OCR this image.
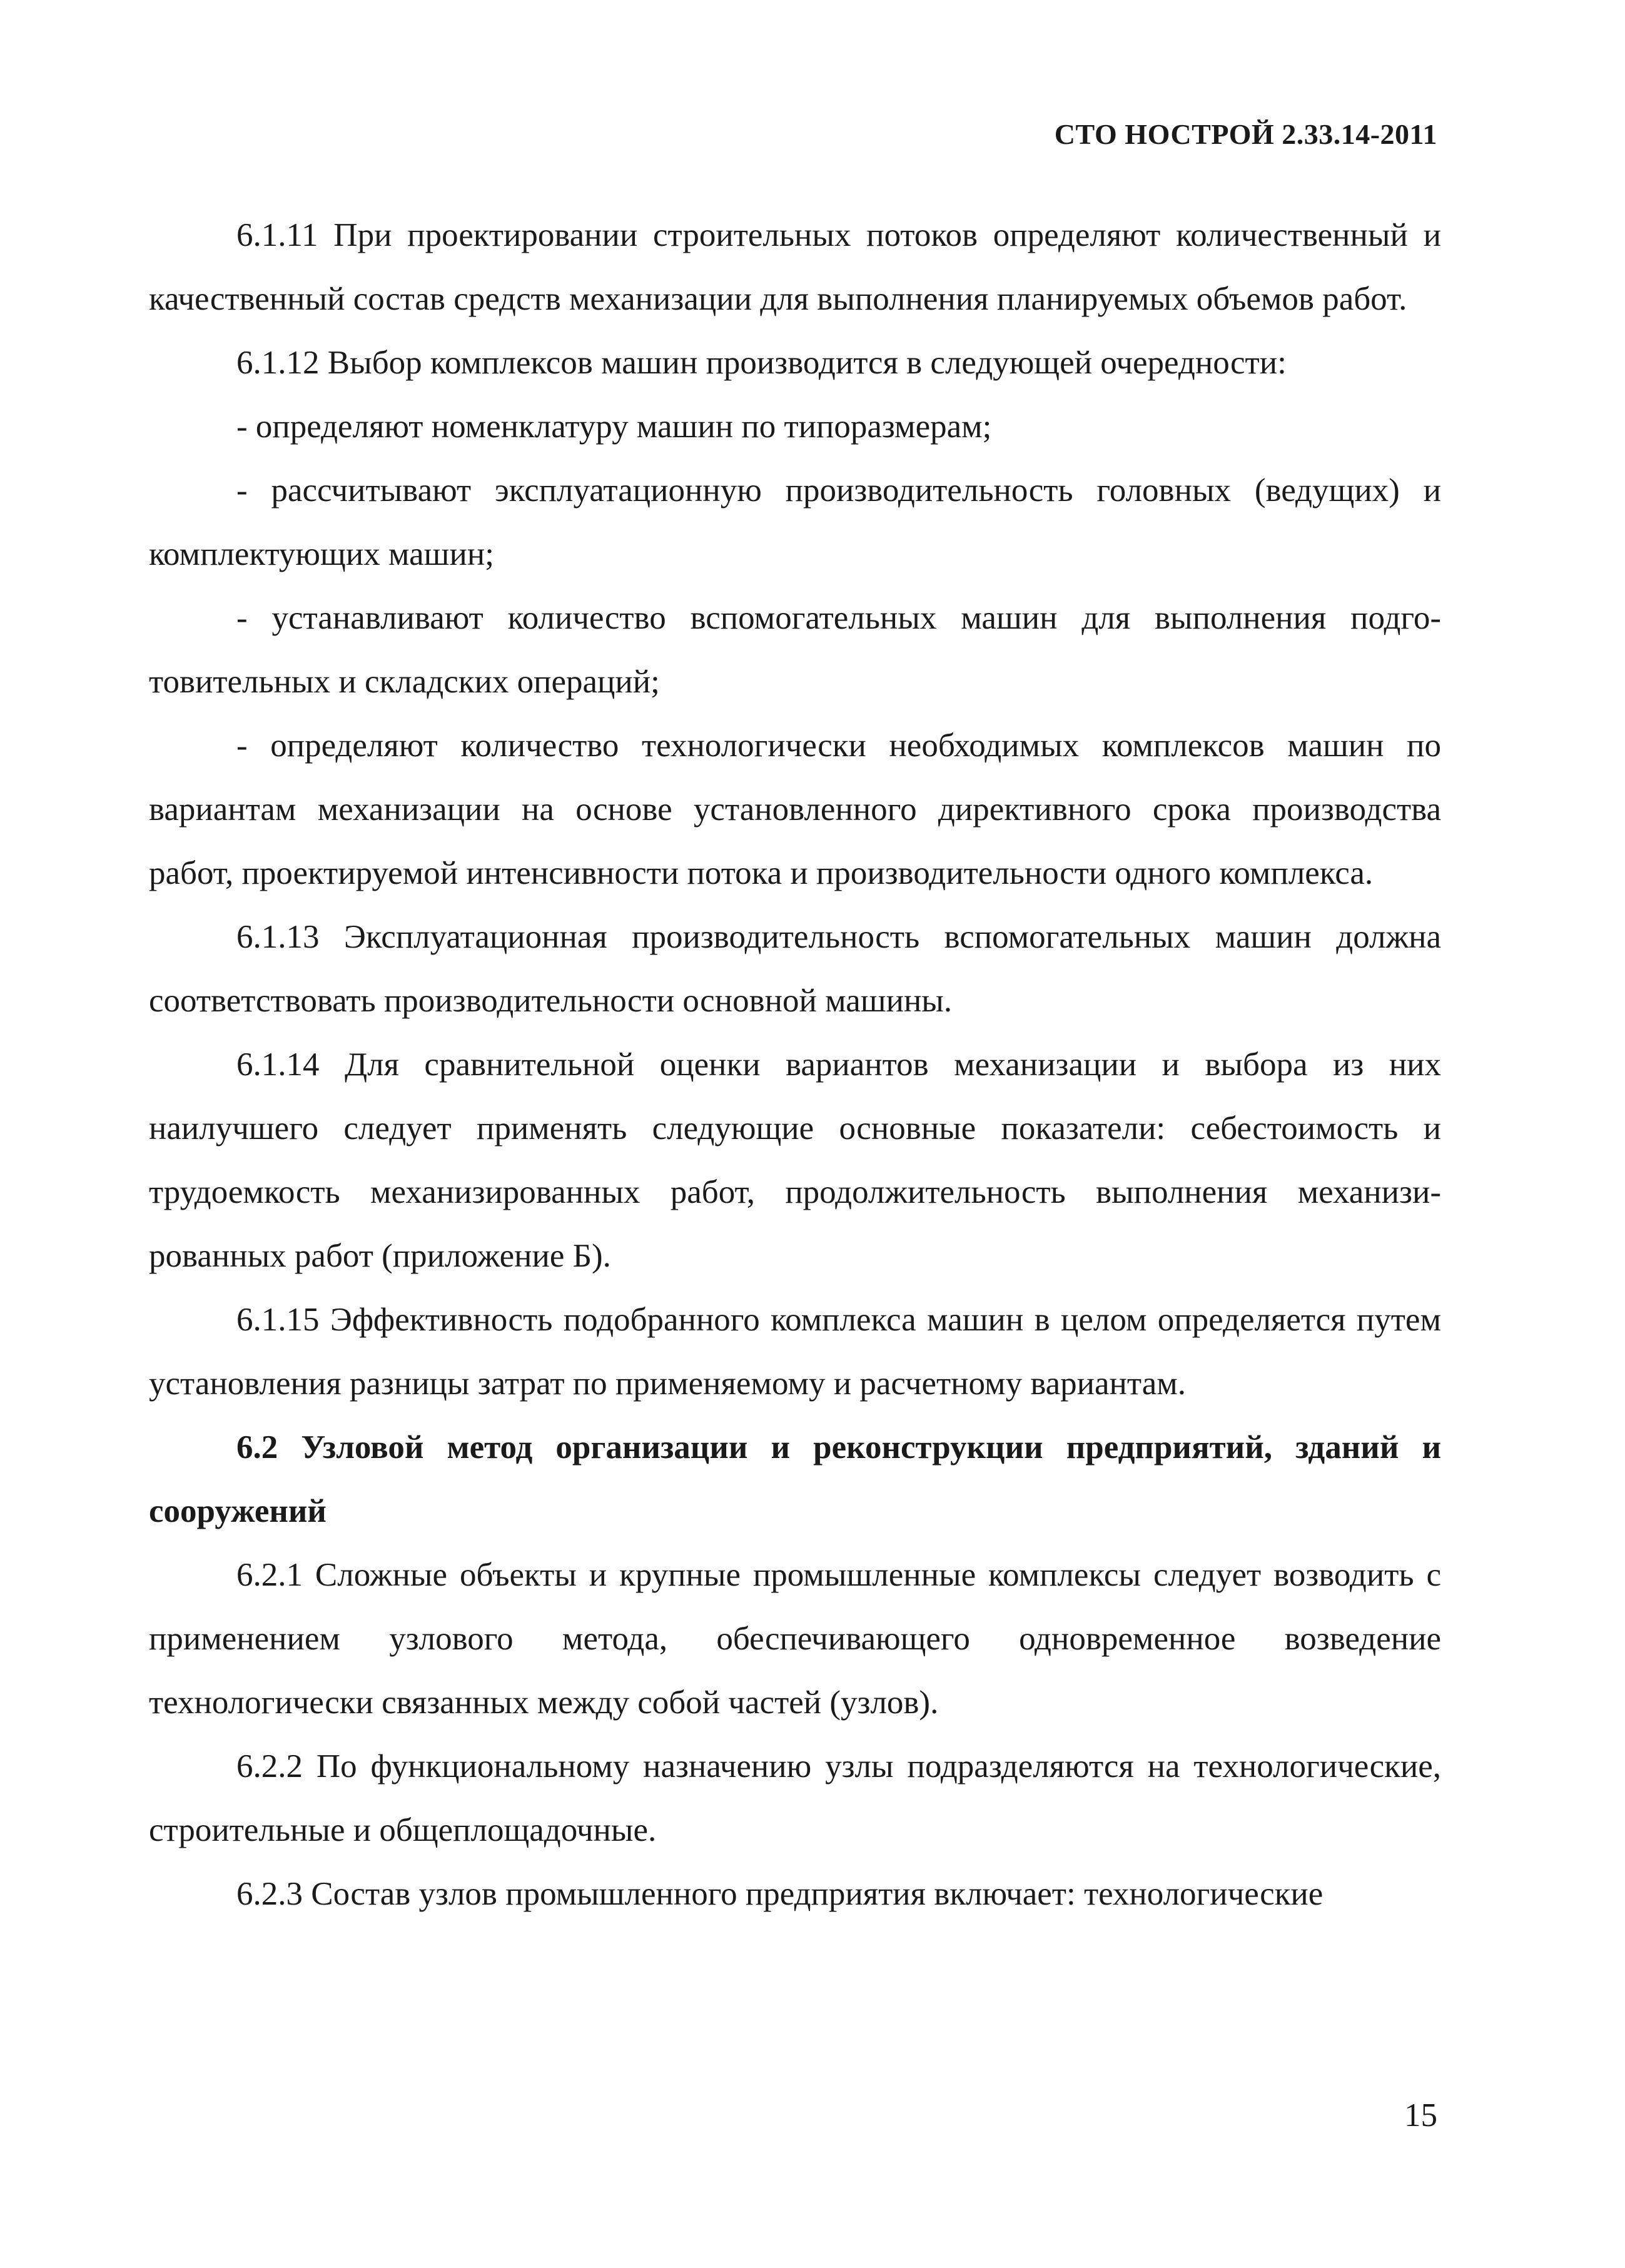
СТО НОСТРОЙ 2.33.14-2011

6.1.11 При проектировании строительных потоков определяют количественный и качественный состав средств механизации для выполнения планируемых объемов работ.

6.1.12 Выбор комплексов машин производится в следующей очередности:

- определяют номенклатуру машин по типоразмерам;

- рассчитывают эксплуатационную производительность головных (ведущих) и комплектующих машин;

- устанавливают количество вспомогательных машин для выполнения подготовительных и складских операций;

- определяют количество технологически необходимых комплексов машин по вариантам механизации на основе установленного директивного срока производства работ, проектируемой интенсивности потока и производительности одного комплекса.

6.1.13 Эксплуатационная производительность вспомогательных машин должна соответствовать производительности основной машины.

6.1.14 Для сравнительной оценки вариантов механизации и выбора из них наилучшего следует применять следующие основные показатели: себестоимость и трудоемкость механизированных работ, продолжительность выполнения механизированных работ (приложение Б).

6.1.15 Эффективность подобранного комплекса машин в целом определяется путем установления разницы затрат по применяемому и расчетному вариантам.

6.2 Узловой метод организации и реконструкции предприятий, зданий и сооружений

6.2.1 Сложные объекты и крупные промышленные комплексы следует возводить с применением узлового метода, обеспечивающего одновременное возведение технологически связанных между собой частей (узлов).

6.2.2 По функциональному назначению узлы подразделяются на технологические, строительные и общеплощадочные.

6.2.3 Состав узлов промышленного предприятия включает: технологические

15
